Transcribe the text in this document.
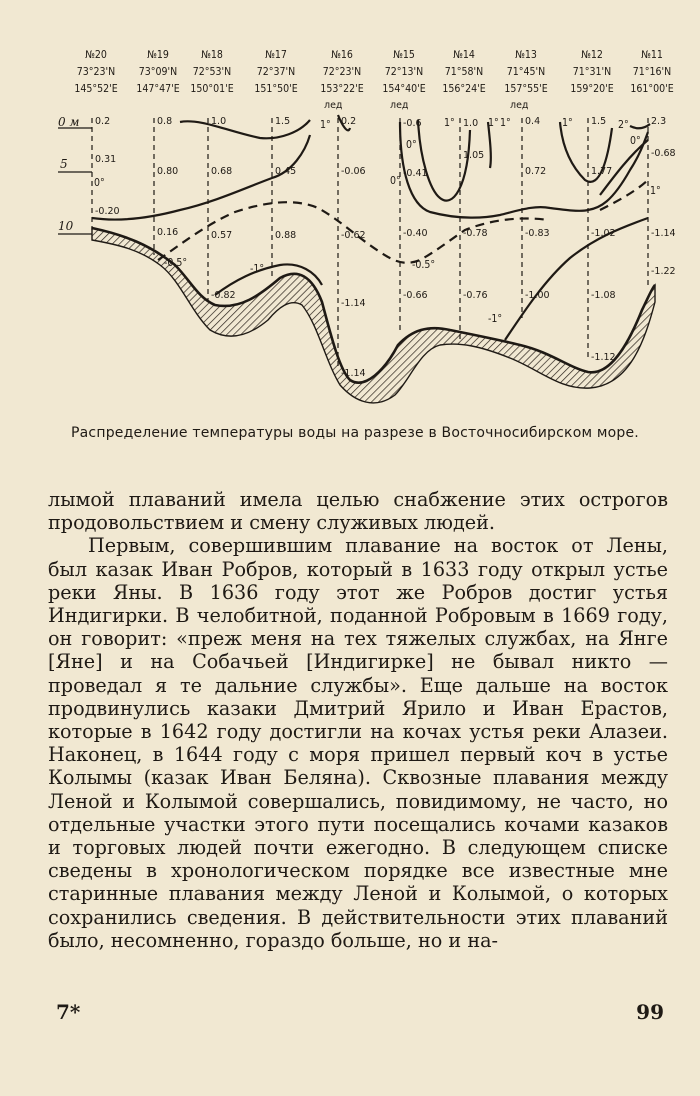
№20
73°23'N
145°52'E
№19
73°09'N
147°47'E
№18
72°53'N
150°01'E
№17
72°37'N
151°50'E
№16
72°23'N
153°22'E
№15
72°13'N
154°40'E
№14
71°58'N
156°24'E
№13
71°45'N
157°55'E
№12
71°31'N
159°20'E
№11
71°16'N
161°00'E
0 м
5
10
0.2
0.31
-0.20
0.8
0.80
0.16
1.0
0.68
0.57
-0.82
1.5
0.45
0.88
0.2
-0.06
-0.62
-1.14
-1.14
-0.6
-0.41
-0.40
-0.66
1.0
1.05
-0.78
-0.76
0.4
0.72
-0.83
-1.00
1.5
1.77
-1.02
-1.08
-1.12
2.3
-0.68
-1.14
-1.22
лед	лед	лед
0°
-0.5°	-1°
1°
0°
1°
-0.5°
1° 1°	1°	2°
0°
-1°
1°
0°
Распределение температуры воды на разрезе в Восточносибирском море.

лымой плаваний имела целью снабжение этих острогов продовольствием и смену служивых людей.

Первым, совершившим плавание на восток от Лены, был казак Иван Робров, который в 1633 году открыл устье реки Яны. В 1636 году этот же Робров достиг устья Индигирки. В челобитной, поданной Робровым в 1669 году, он говорит: «преж меня на тех тяжелых службах, на Янге [Яне] и на Собачьей [Индигирке] не бывал никто — проведал я те дальние службы». Еще дальше на восток продвинулись казаки Дмитрий Ярило и Иван Ерастов, которые в 1642 году достигли на кочах устья реки Алазеи. Наконец, в 1644 году с моря пришел первый коч в устье Колымы (казак Иван Беляна). Сквозные плавания между Леной и Колымой совершались, повидимому, не часто, но отдельные участки этого пути посещались кочами казаков и торговых людей почти ежегодно. В следующем списке сведены в хронологическом порядке все известные мне старинные плавания между Леной и Колымой, о которых сохранились сведения. В действительности этих плаваний было, несомненно, гораздо больше, но и на-

7*	99
